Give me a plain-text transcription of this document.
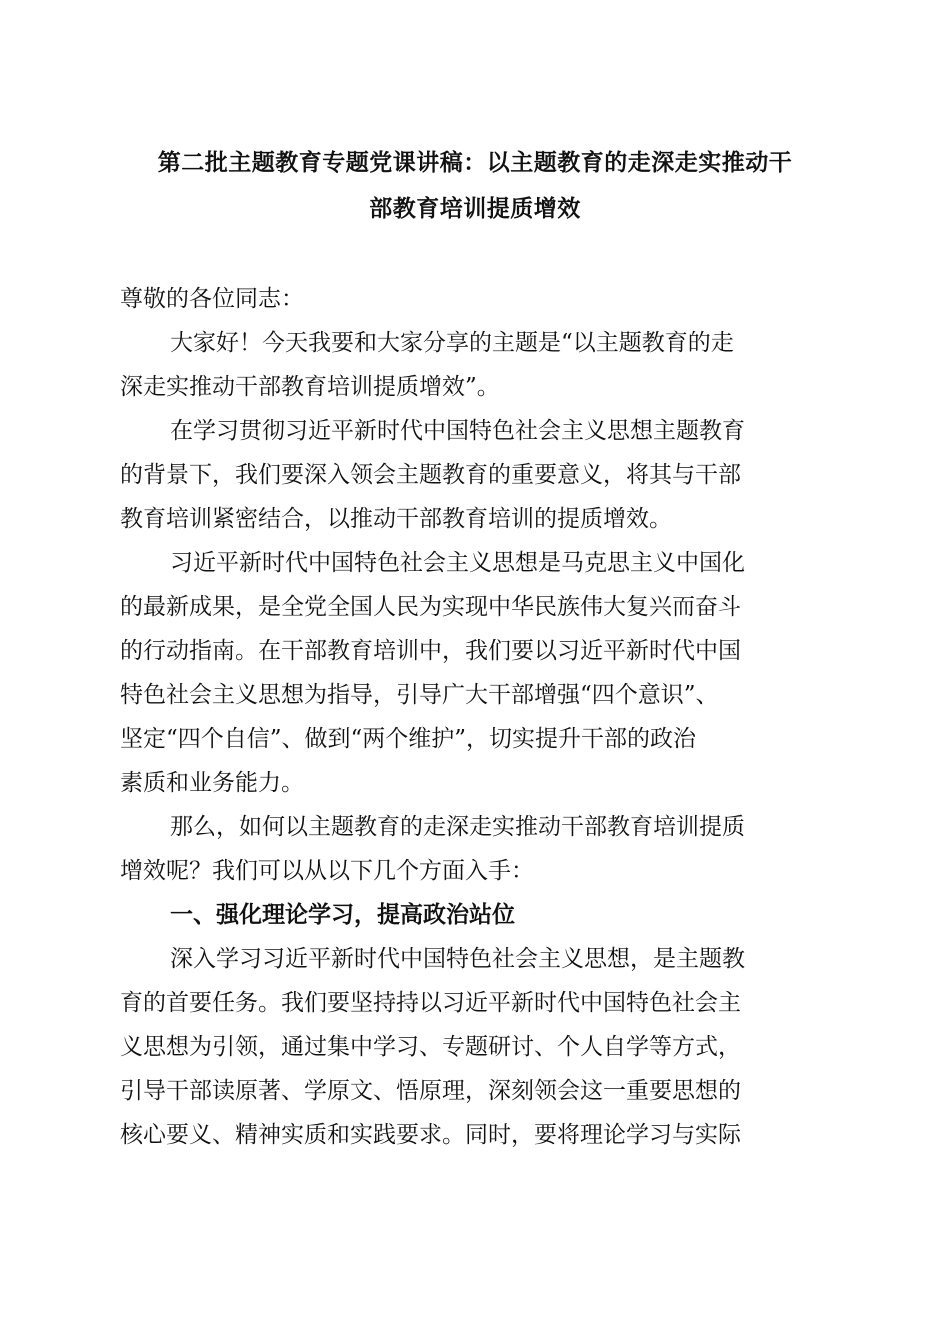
第二批主题教育专题党课讲稿：以主题教育的走深走实推动干
部教育培训提质增效
尊敬的各位同志：
大家好！今天我要和大家分享的主题是“以主题教育的走
深走实推动干部教育培训提质增效”。
在学习贯彻习近平新时代中国特色社会主义思想主题教育
的背景下，我们要深入领会主题教育的重要意义，将其与干部
教育培训紧密结合，以推动干部教育培训的提质增效。
习近平新时代中国特色社会主义思想是马克思主义中国化
的最新成果，是全党全国人民为实现中华民族伟大复兴而奋斗
的行动指南。在干部教育培训中，我们要以习近平新时代中国
特色社会主义思想为指导，引导广大干部增强“四个意识”、
坚定“四个自信”、做到“两个维护”，切实提升干部的政治
素质和业务能力。
那么，如何以主题教育的走深走实推动干部教育培训提质
增效呢？我们可以从以下几个方面入手：
一、强化理论学习，提高政治站位
深入学习习近平新时代中国特色社会主义思想，是主题教
育的首要任务。我们要坚持持以习近平新时代中国特色社会主
义思想为引领，通过集中学习、专题研讨、个人自学等方式，
引导干部读原著、学原文、悟原理，深刻领会这一重要思想的
核心要义、精神实质和实践要求。同时，要将理论学习与实际
